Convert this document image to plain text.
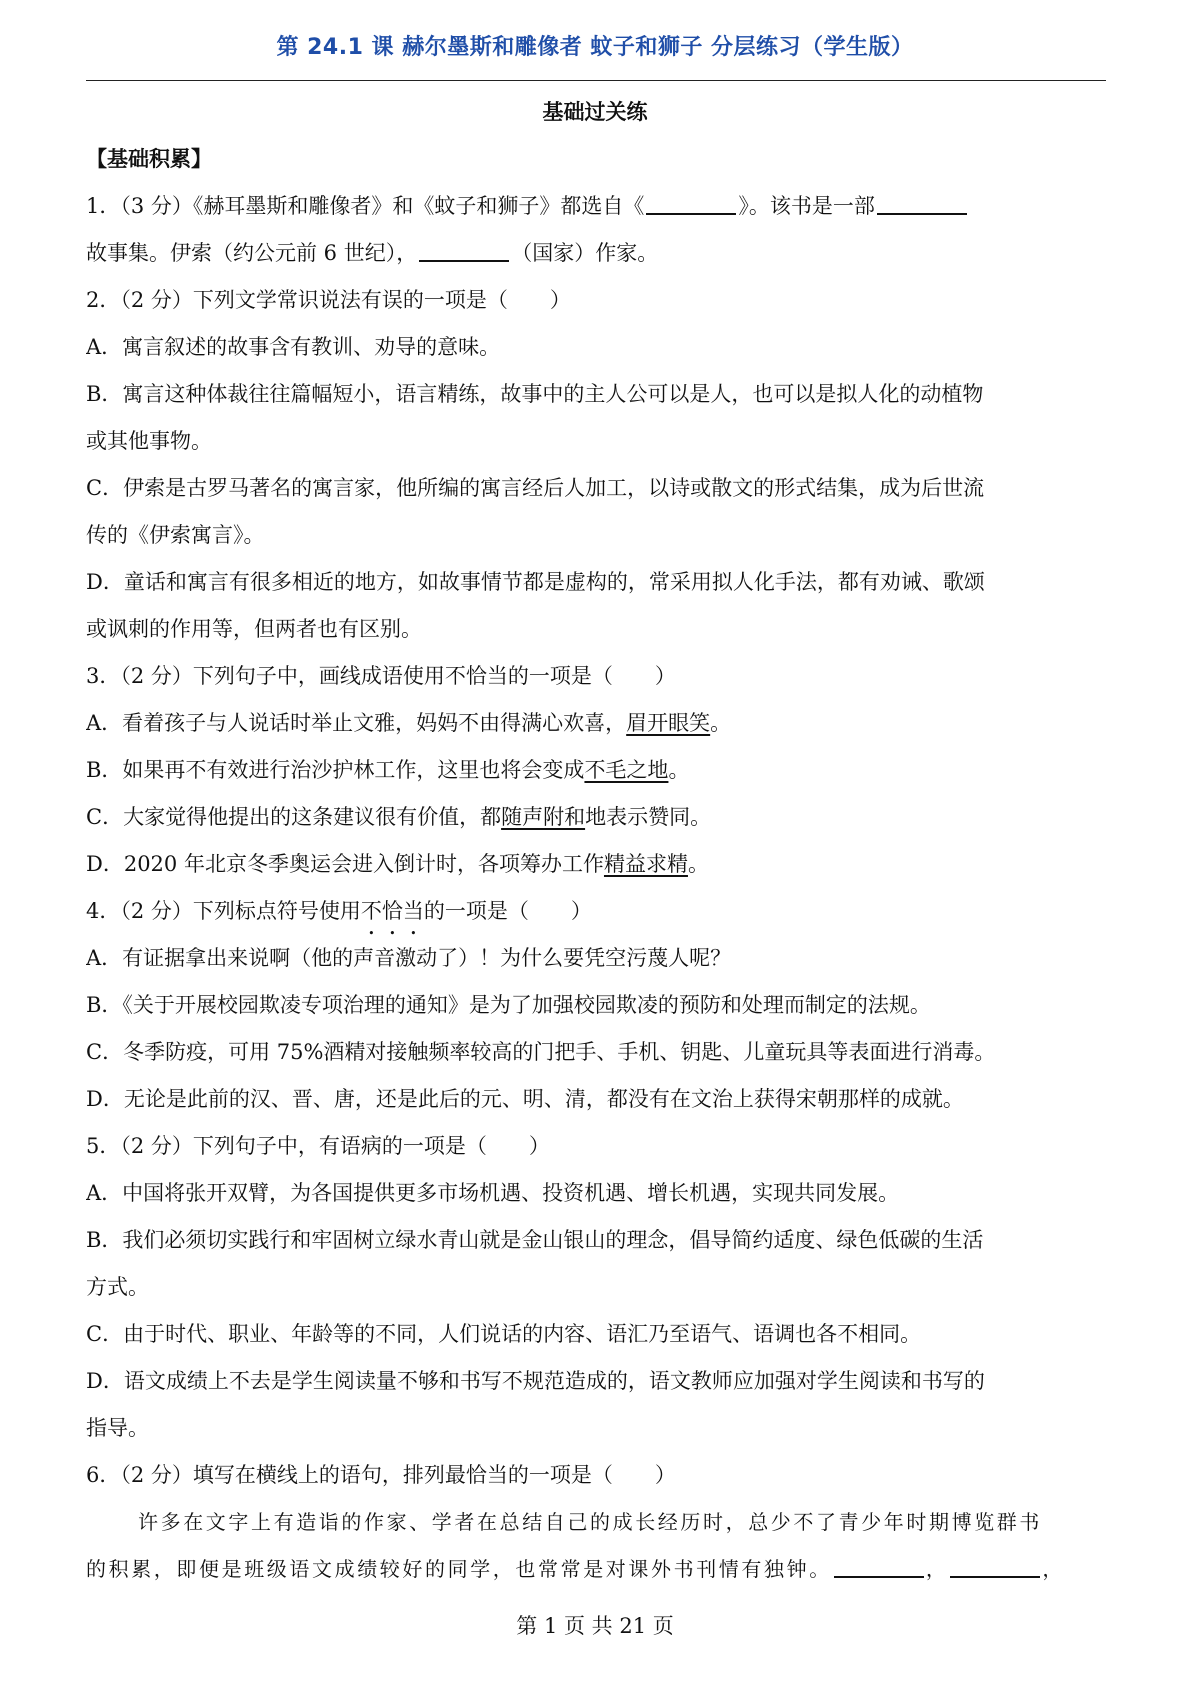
第 24.1 课 赫尔墨斯和雕像者 蚊子和狮子 分层练习（学生版）
基础过关练
【基础积累】
1．（3 分）《赫耳墨斯和雕像者》和《蚊子和狮子》都选自《	》。该书是一部
故事集。伊索（约公元前 6 世纪），	（国家）作家。
2．（2 分）下列文学常识说法有误的一项是（　　）
A．寓言叙述的故事含有教训、劝导的意味。
B．寓言这种体裁往往篇幅短小，语言精练，故事中的主人公可以是人，也可以是拟人化的动植物
或其他事物。
C．伊索是古罗马著名的寓言家，他所编的寓言经后人加工，以诗或散文的形式结集，成为后世流
传的《伊索寓言》。
D．童话和寓言有很多相近的地方，如故事情节都是虚构的，常采用拟人化手法，都有劝诫、歌颂
或讽刺的作用等，但两者也有区别。
3．（2 分）下列句子中，画线成语使用不恰当的一项是（　　）
A．看着孩子与人说话时举止文雅，妈妈不由得满心欢喜，眉开眼笑。
B．如果再不有效进行治沙护林工作，这里也将会变成不毛之地。
C．大家觉得他提出的这条建议很有价值，都随声附和地表示赞同。
D．2020 年北京冬季奥运会进入倒计时，各项筹办工作精益求精。
4．（2 分）下列标点符号使用不恰当的一项是（　　）
A．有证据拿出来说啊（他的声音激动了）！为什么要凭空污蔑人呢？
B．《关于开展校园欺凌专项治理的通知》是为了加强校园欺凌的预防和处理而制定的法规。
C．冬季防疫，可用 75%酒精对接触频率较高的门把手、手机、钥匙、儿童玩具等表面进行消毒。
D．无论是此前的汉、晋、唐，还是此后的元、明、清，都没有在文治上获得宋朝那样的成就。
5．（2 分）下列句子中，有语病的一项是（　　）
A．中国将张开双臂，为各国提供更多市场机遇、投资机遇、增长机遇，实现共同发展。
B．我们必须切实践行和牢固树立绿水青山就是金山银山的理念，倡导简约适度、绿色低碳的生活
方式。
C．由于时代、职业、年龄等的不同，人们说话的内容、语汇乃至语气、语调也各不相同。
D．语文成绩上不去是学生阅读量不够和书写不规范造成的，语文教师应加强对学生阅读和书写的
指导。
6．（2 分）填写在横线上的语句，排列最恰当的一项是（　　）
许多在文字上有造诣的作家、学者在总结自己的成长经历时，总少不了青少年时期博览群书
的积累，即便是班级语文成绩较好的同学，也常常是对课外书刊情有独钟。	，	，
第 1 页 共 21 页
